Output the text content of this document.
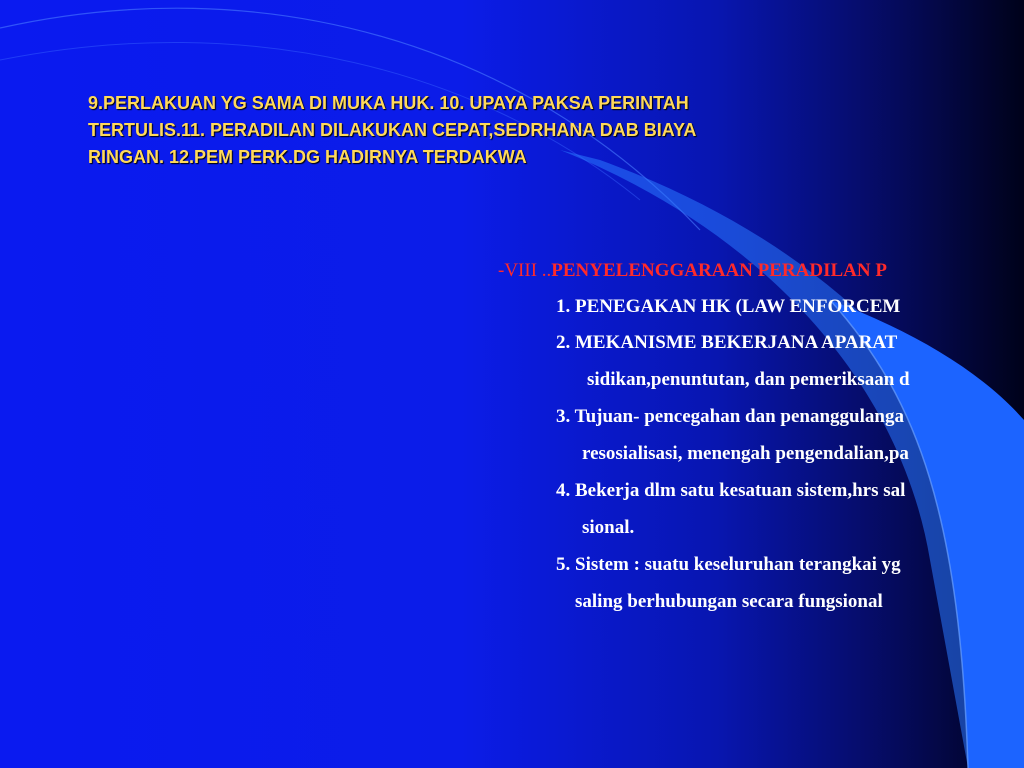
9.PERLAKUAN YG SAMA DI MUKA HUK. 10. UPAYA PAKSA PERINTAH
TERTULIS.11. PERADILAN DILAKUKAN CEPAT,SEDRHANA DAB BIAYA
RINGAN. 12.PEM PERK.DG HADIRNYA TERDAKWA
-VIII ..PENYELENGGARAAN PERADILAN P
1. PENEGAKAN HK (LAW ENFORCEM
2. MEKANISME BEKERJANA APARAT
sidikan,penuntutan, dan pemeriksaan d
3. Tujuan- pencegahan dan penanggulanga
resosialisasi, menengah pengendalian,pa
4. Bekerja dlm satu kesatuan sistem,hrs sal
sional.
5. Sistem : suatu keseluruhan terangkai yg
saling berhubungan secara fungsional
